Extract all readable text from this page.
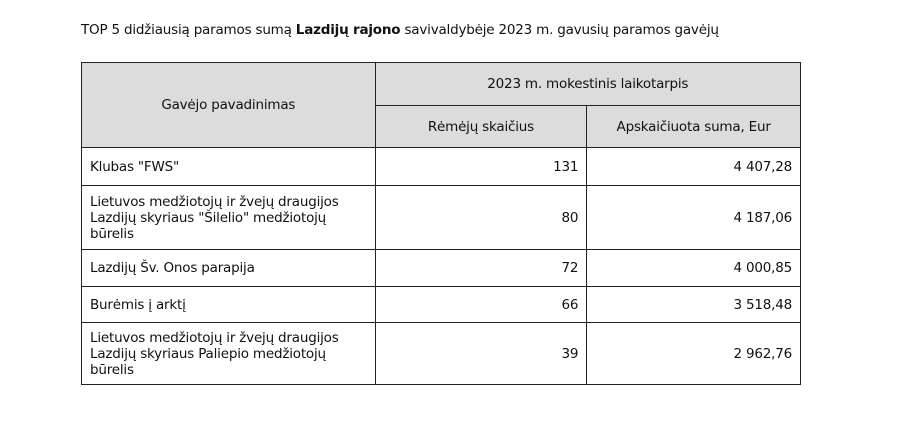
TOP 5 didžiausią paramos sumą Lazdijų rajono savivaldybėje 2023 m. gavusių paramos gavėjų
Gavėjo pavadinimas	2023 m. mokestinis laikotarpis	
	Rėmėjų skaičius	Apskaičiuota suma, Eur
Klubas "FWS"	131	4 407,28
Lietuvos medžiotojų ir žvejų draugijos Lazdijų skyriaus "Šilelio" medžiotojų būrelis	80	4 187,06
Lazdijų Šv. Onos parapija	72	4 000,85
Burėmis į arktį	66	3 518,48
Lietuvos medžiotojų ir žvejų draugijos Lazdijų skyriaus Paliepio medžiotojų būrelis	39	2 962,76
